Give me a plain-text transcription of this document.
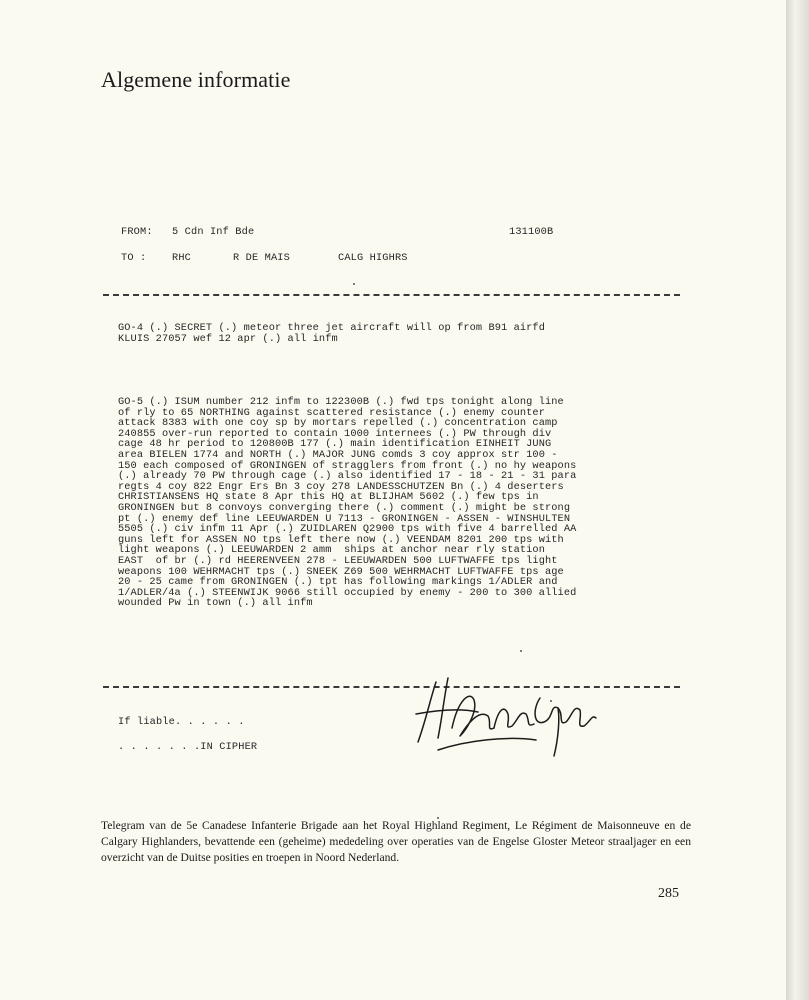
Algemene informatie
FROM: 5 Cdn Inf Bde	131100B
TO : RHC	R DE MAIS	CALG HIGHRS
GO-4 (.) SECRET (.) meteor three jet aircraft will op from B91 airfd
KLUIS 27057 wef 12 apr (.) all infm
GO-5 (.) ISUM number 212 infm to 122300B (.) fwd tps tonight along line
of rly to 65 NORTHING against scattered resistance (.) enemy counter
attack 8383 with one coy sp by mortars repelled (.) concentration camp
240855 over-run reported to contain 1000 internees (.) PW through div
cage 48 hr period to 120800B 177 (.) main identification EINHEIT JUNG
area BIELEN 1774 and NORTH (.) MAJOR JUNG comds 3 coy approx str 100 -
150 each composed of GRONINGEN of stragglers from front (.) no hy weapons
(.) already 70 PW through cage (.) also identified 17 - 18 - 21 - 31 para
regts 4 coy 822 Engr Ers Bn 3 coy 278 LANDESSCHUTZEN Bn (.) 4 deserters
CHRISTIANSENS HQ state 8 Apr this HQ at BLIJHAM 5602 (.) few tps in
GRONINGEN but 8 convoys converging there (.) comment (.) might be strong
pt (.) enemy def line LEEUWARDEN U 7113 - GRONINGEN - ASSEN - WINSHULTEN
5505 (.) civ infm 11 Apr (.) ZUIDLAREN Q2900 tps with five 4 barrelled AA
guns left for ASSEN NO tps left there now (.) VEENDAM 8201 200 tps with
light weapons (.) LEEUWARDEN 2 amm  ships at anchor near rly station
EAST  of br (.) rd HEERENVEEN 278 - LEEUWARDEN 500 LUFTWAFFE tps light
weapons 100 WEHRMACHT tps (.) SNEEK Z69 500 WEHRMACHT LUFTWAFFE tps age
20 - 25 came from GRONINGEN (.) tpt has following markings 1/ADLER and
1/ADLER/4a (.) STEENWIJK 9066 still occupied by enemy - 200 to 300 allied
wounded Pw in town (.) all infm
If liable. . . . . .
. . . . . . .IN CIPHER
Telegram van de 5e Canadese Infanterie Brigade aan het Royal Highland Regiment, Le Régiment de Maisonneuve en de Calgary Highlanders, bevattende een (geheime) mededeling over operaties van de Engelse Gloster Meteor straaljager en een overzicht van de Duitse posities en troepen in Noord Nederland.
285
